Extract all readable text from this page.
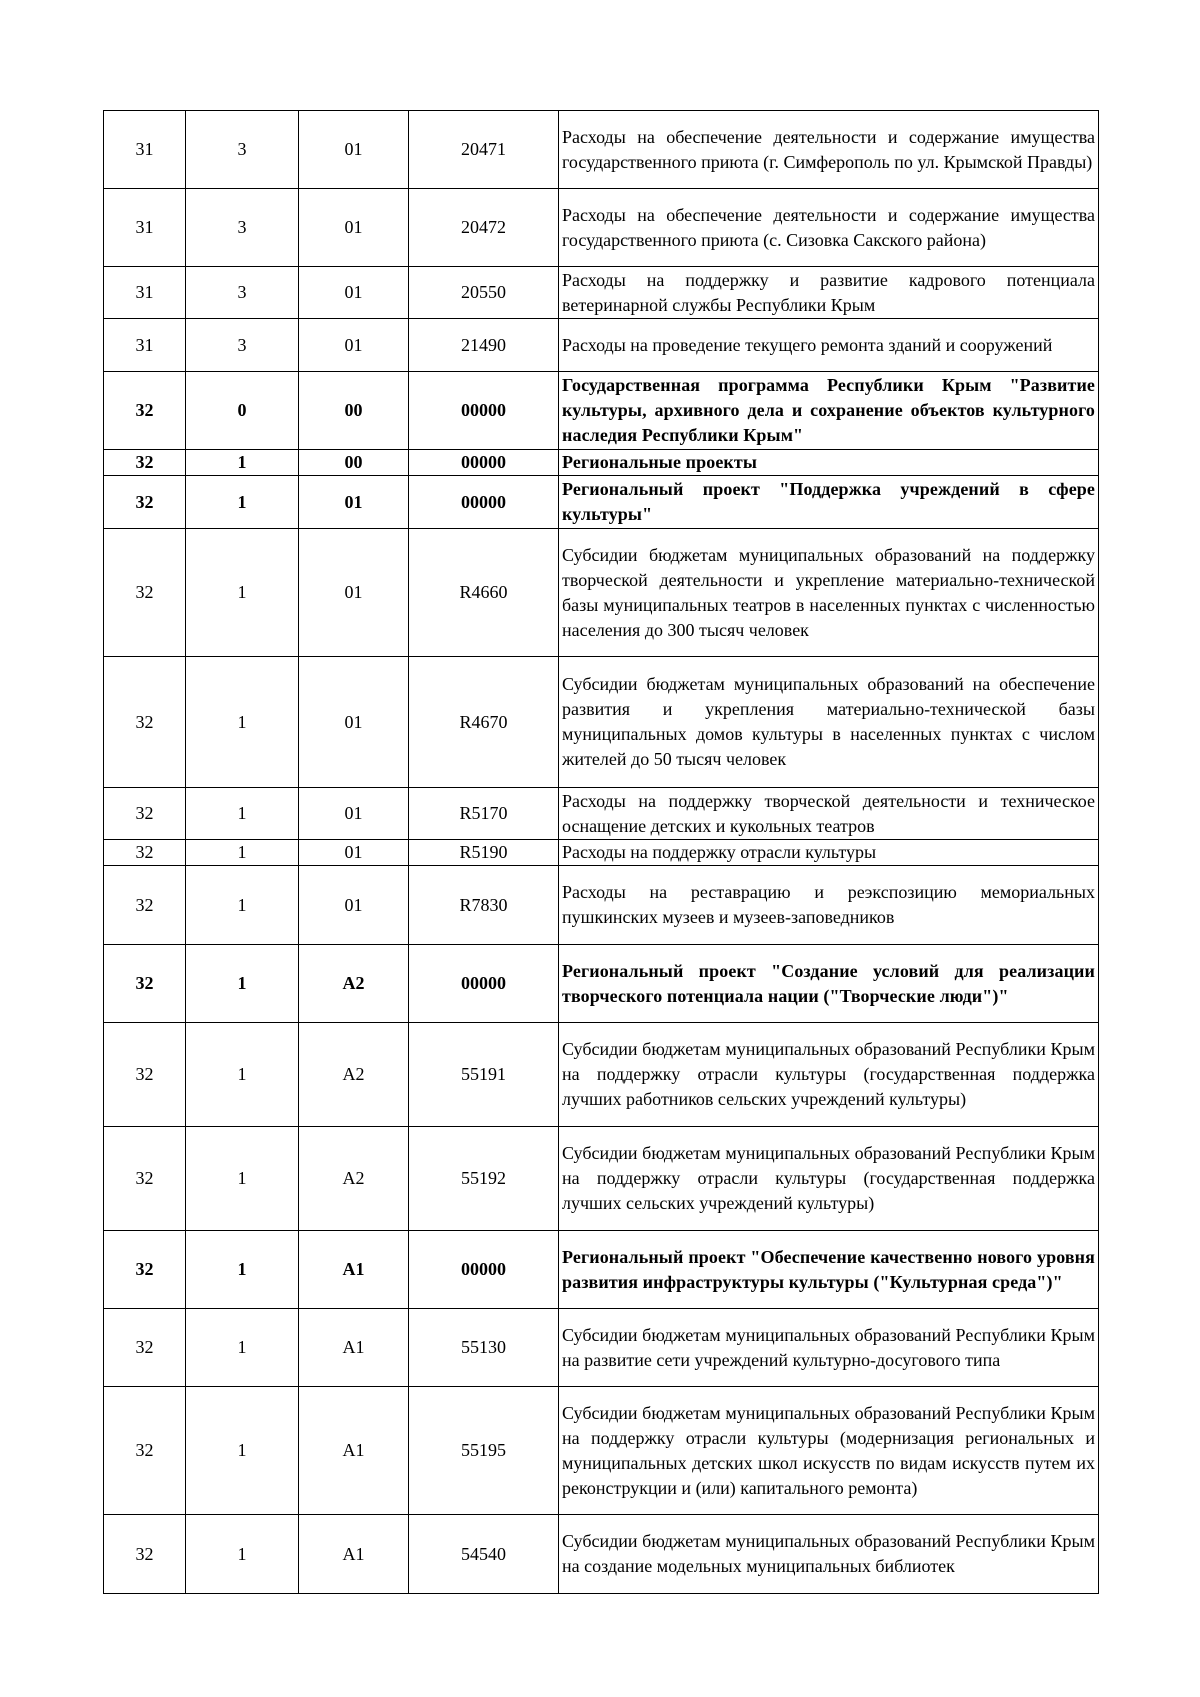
31	3	01	20471	Расходы на обеспечение деятельности и содержание имущества государственного приюта (г. Симферополь по ул. Крымской Правды)
31	3	01	20472	Расходы на обеспечение деятельности и содержание имущества государственного приюта (с. Сизовка Сакского района)
31	3	01	20550	Расходы на поддержку и развитие кадрового потенциала ветеринарной службы Республики Крым
31	3	01	21490	Расходы на проведение текущего ремонта зданий и сооружений
32	0	00	00000	Государственная программа Республики Крым "Развитие культуры, архивного дела и сохранение объектов культурного наследия Республики Крым"
32	1	00	00000	Региональные проекты
32	1	01	00000	Региональный проект "Поддержка учреждений в сфере культуры"
32	1	01	R4660	Субсидии бюджетам муниципальных образований на поддержку творческой деятельности и укрепление материально-технической базы муниципальных театров в населенных пунктах с численностью населения до 300 тысяч человек
32	1	01	R4670	Субсидии бюджетам муниципальных образований на обеспечение развития и укрепления материально-технической базы муниципальных домов культуры в населенных пунктах с числом жителей до 50 тысяч человек
32	1	01	R5170	Расходы на поддержку творческой деятельности и техническое оснащение детских и кукольных театров
32	1	01	R5190	Расходы на поддержку отрасли культуры
32	1	01	R7830	Расходы на реставрацию и реэкспозицию мемориальных пушкинских музеев и музеев-заповедников
32	1	А2	00000	Региональный проект "Создание условий для реализации творческого потенциала нации ("Творческие люди")"
32	1	А2	55191	Субсидии бюджетам муниципальных образований Республики Крым на поддержку отрасли культуры (государственная поддержка лучших работников сельских учреждений культуры)
32	1	А2	55192	Субсидии бюджетам муниципальных образований Республики Крым на поддержку отрасли культуры (государственная поддержка лучших сельских учреждений культуры)
32	1	А1	00000	Региональный проект "Обеспечение качественно нового уровня развития инфраструктуры культуры ("Культурная среда")"
32	1	А1	55130	Субсидии бюджетам муниципальных образований Республики Крым на развитие сети учреждений культурно-досугового типа
32	1	А1	55195	Субсидии бюджетам муниципальных образований Республики Крым на поддержку отрасли культуры (модернизация региональных и муниципальных детских школ искусств по видам искусств путем их реконструкции и (или) капитального ремонта)
32	1	А1	54540	Субсидии бюджетам муниципальных образований Республики Крым на создание модельных муниципальных библиотек
